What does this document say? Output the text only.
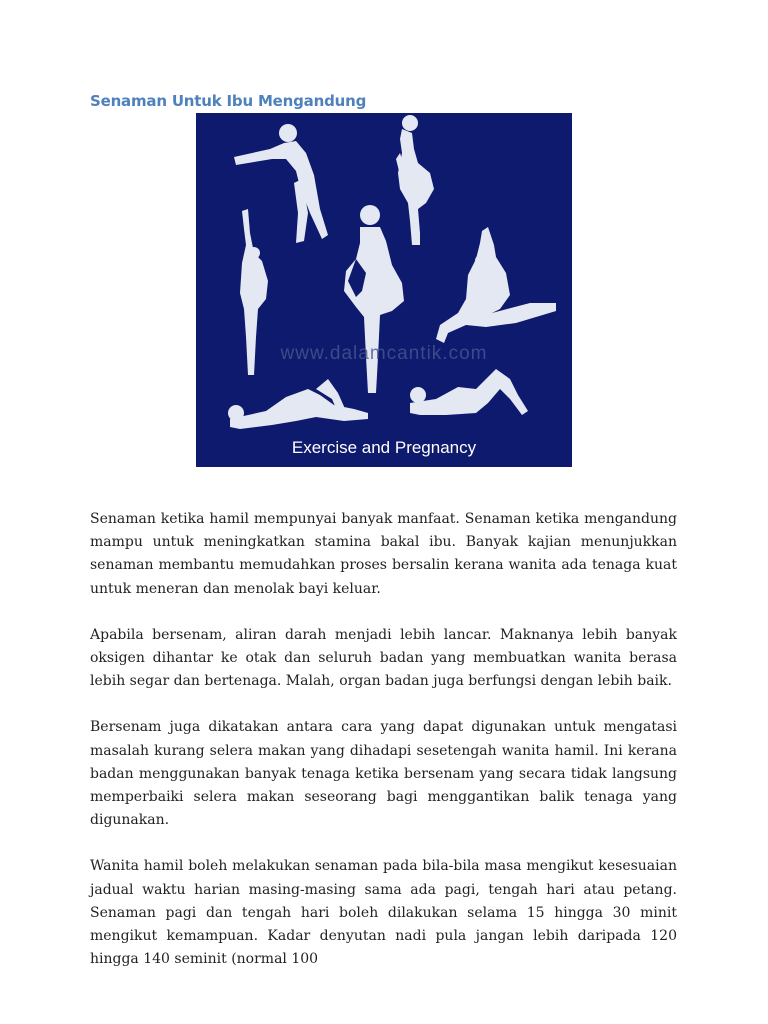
Senaman Untuk Ibu Mengandung
www.dalamcantik.com
Exercise and Pregnancy

Senaman ketika hamil mempunyai banyak manfaat. Senaman ketika mengandung mampu untuk meningkatkan stamina bakal ibu. Banyak kajian menunjukkan senaman membantu memudahkan proses bersalin kerana wanita ada tenaga kuat untuk meneran dan menolak bayi keluar.

Apabila bersenam, aliran darah menjadi lebih lancar. Maknanya lebih banyak oksigen dihantar ke otak dan seluruh badan yang membuatkan wanita berasa lebih segar dan bertenaga. Malah, organ badan juga berfungsi dengan lebih baik.

Bersenam juga dikatakan antara cara yang dapat digunakan untuk mengatasi masalah kurang selera makan yang dihadapi sesetengah wanita hamil. Ini kerana badan menggunakan banyak tenaga ketika bersenam yang secara tidak langsung memperbaiki selera makan seseorang bagi menggantikan balik tenaga yang digunakan.

Wanita hamil boleh melakukan senaman pada bila-bila masa mengikut kesesuaian jadual waktu harian masing-masing sama ada pagi, tengah hari atau petang. Senaman pagi dan tengah hari boleh dilakukan selama 15 hingga 30 minit mengikut kemampuan. Kadar denyutan nadi pula jangan lebih daripada 120 hingga 140 seminit (normal 100
